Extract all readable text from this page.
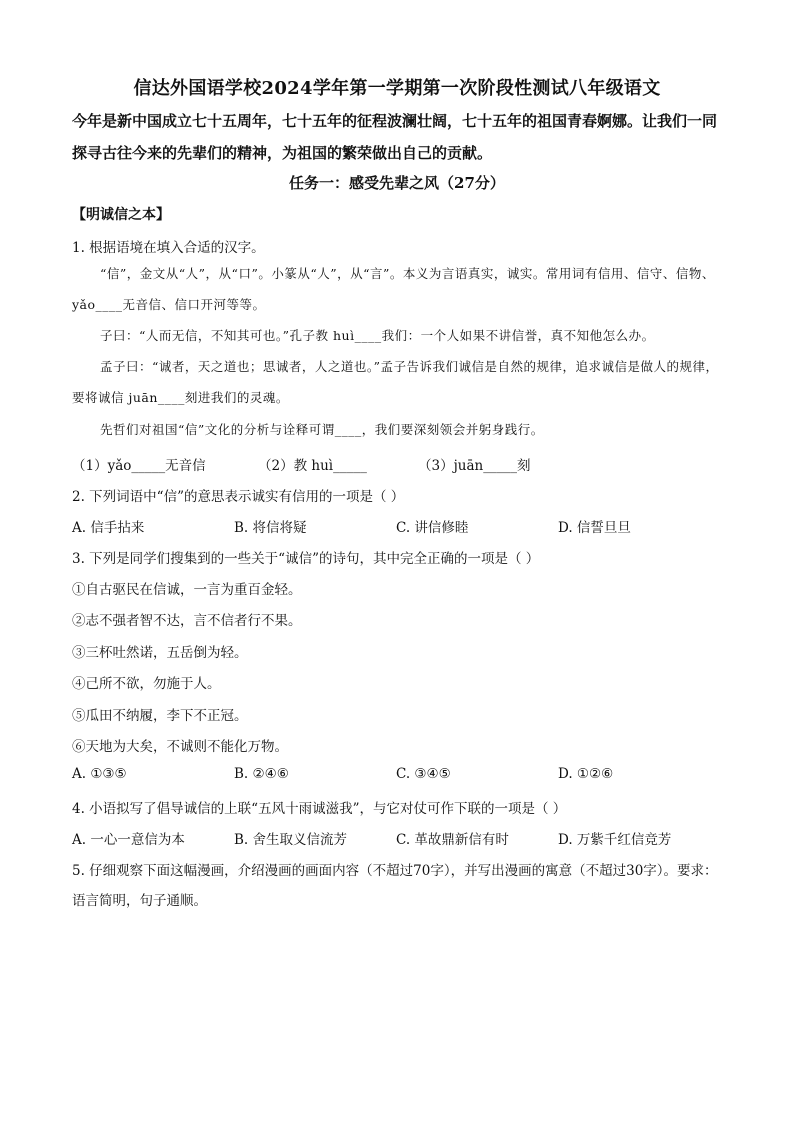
信达外国语学校2024学年第一学期第一次阶段性测试八年级语文
今年是新中国成立七十五周年，七十五年的征程波澜壮阔，七十五年的祖国青春婀娜。让我们一同探寻古往今来的先辈们的精神，为祖国的繁荣做出自己的贡献。
任务一：感受先辈之风（27分）
【明诚信之本】
1. 根据语境在填入合适的汉字。
“信”，金文从“人”，从“口”。小篆从“人”，从“言”。本义为言语真实，诚实。常用词有信用、信守、信物、yǎo____无音信、信口开河等等。
子曰：“人而无信，不知其可也。”孔子教 huì____我们：一个人如果不讲信誉，真不知他怎么办。
孟子曰：“诚者，天之道也；思诚者，人之道也。”孟子告诉我们诚信是自然的规律，追求诚信是做人的规律，要将诚信 juān____刻进我们的灵魂。
先哲们对祖国“信”文化的分析与诠释可谓____，我们要深刻领会并躬身践行。
（1）yǎo_____无音信	（2）教 huì_____	（3）juān_____刻
2. 下列词语中“信”的意思表示诚实有信用的一项是（ ）
A. 信手拈来	B. 将信将疑	C. 讲信修睦	D. 信誓旦旦
3. 下列是同学们搜集到的一些关于“诚信”的诗句，其中完全正确的一项是（ ）
①自古驱民在信诚，一言为重百金轻。
②志不强者智不达，言不信者行不果。
③三杯吐然诺，五岳倒为轻。
④己所不欲，勿施于人。
⑤瓜田不纳履，李下不正冠。
⑥天地为大矣，不诚则不能化万物。
A. ①③⑤	B. ②④⑥	C. ③④⑤	D. ①②⑥
4. 小语拟写了倡导诚信的上联“五风十雨诚滋我”，与它对仗可作下联的一项是（ ）
A. 一心一意信为本	B. 舍生取义信流芳	C. 革故鼎新信有时	D. 万紫千红信竞芳
5. 仔细观察下面这幅漫画，介绍漫画的画面内容（不超过70字），并写出漫画的寓意（不超过30字）。要求：语言简明，句子通顺。
